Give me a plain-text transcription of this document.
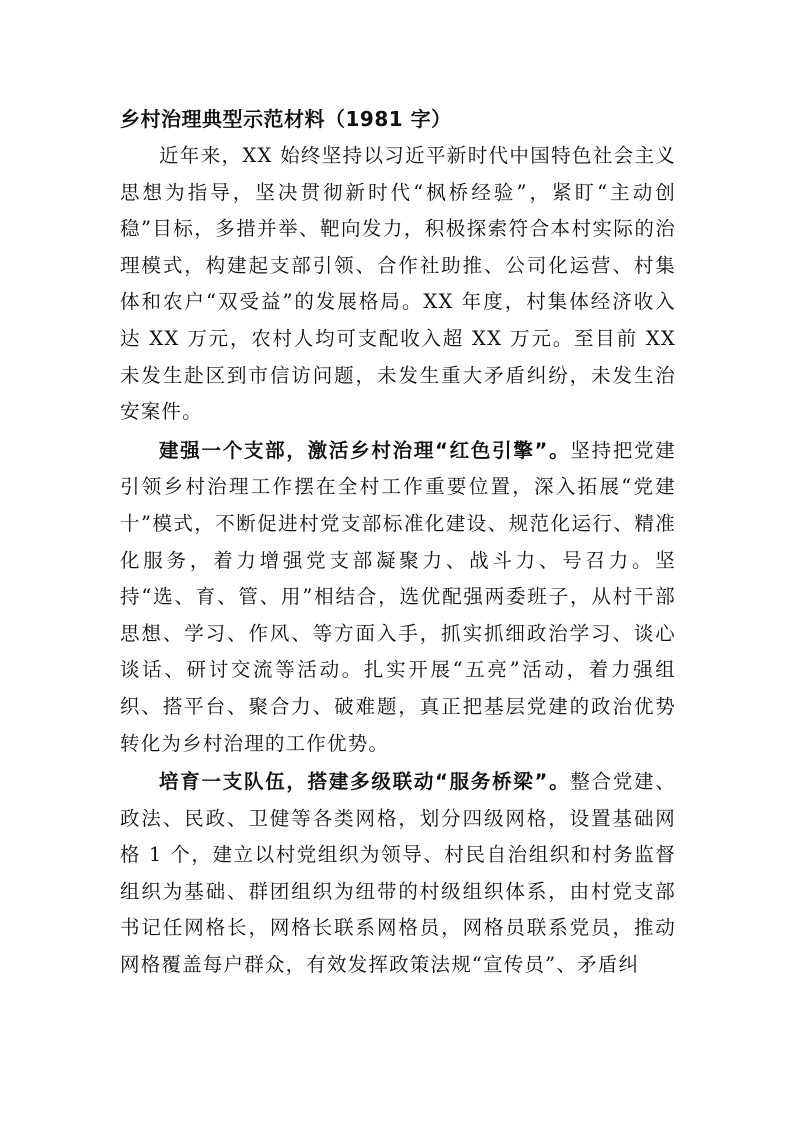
乡村治理典型示范材料（1981 字）

近年来，XX 始终坚持以习近平新时代中国特色社会主义思想为指导，坚决贯彻新时代“枫桥经验”，紧盯“主动创稳”目标，多措并举、靶向发力，积极探索符合本村实际的治理模式，构建起支部引领、合作社助推、公司化运营、村集体和农户“双受益”的发展格局。XX 年度，村集体经济收入达 XX 万元，农村人均可支配收入超 XX 万元。至目前 XX 未发生赴区到市信访问题，未发生重大矛盾纠纷，未发生治安案件。

建强一个支部，激活乡村治理“红色引擎”。坚持把党建引领乡村治理工作摆在全村工作重要位置，深入拓展“党建十”模式，不断促进村党支部标准化建设、规范化运行、精准化服务，着力增强党支部凝聚力、战斗力、号召力。坚持“选、育、管、用”相结合，选优配强两委班子，从村干部思想、学习、作风、等方面入手，抓实抓细政治学习、谈心谈话、研讨交流等活动。扎实开展“五亮”活动，着力强组织、搭平台、聚合力、破难题，真正把基层党建的政治优势转化为乡村治理的工作优势。

培育一支队伍，搭建多级联动“服务桥梁”。整合党建、政法、民政、卫健等各类网格，划分四级网格，设置基础网格 1 个，建立以村党组织为领导、村民自治组织和村务监督组织为基础、群团组织为纽带的村级组织体系，由村党支部书记任网格长，网格长联系网格员，网格员联系党员，推动网格覆盖每户群众，有效发挥政策法规“宣传员”、矛盾纠
